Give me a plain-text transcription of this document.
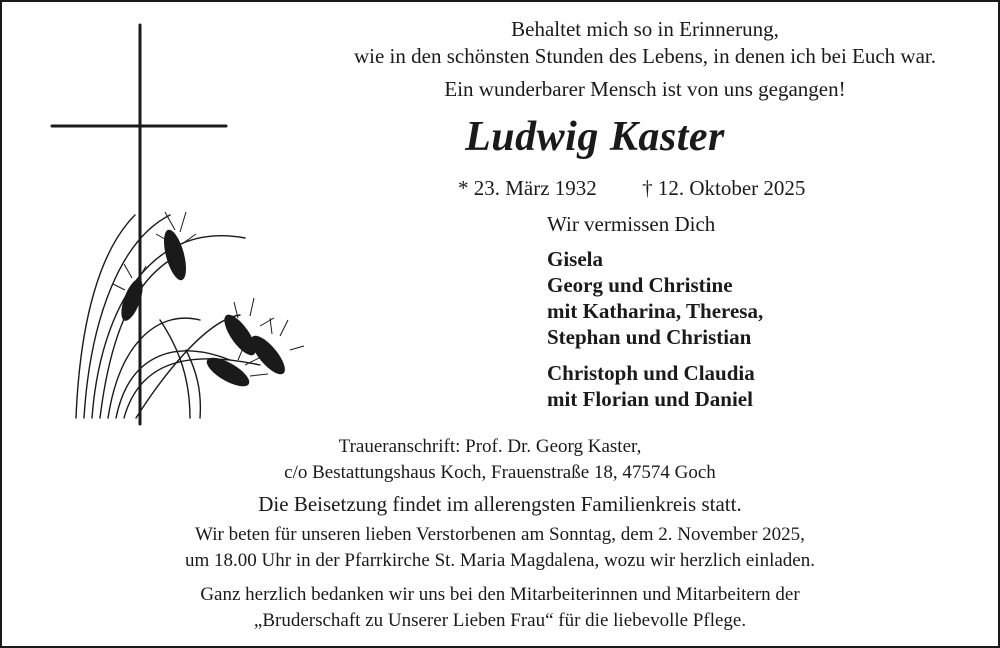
Behaltet mich so in Erinnerung,
wie in den schönsten Stunden des Lebens, in denen ich bei Euch war.
Ein wunderbarer Mensch ist von uns gegangen!
Ludwig Kaster
* 23. März 1932 † 12. Oktober 2025
Wir vermissen Dich
Gisela
Georg und Christine
mit Katharina, Theresa,
Stephan und Christian
Christoph und Claudia
mit Florian und Daniel
Traueranschrift: Prof. Dr. Georg Kaster,
c/o Bestattungshaus Koch, Frauenstraße 18, 47574 Goch
Die Beisetzung findet im allerengsten Familienkreis statt.
Wir beten für unseren lieben Verstorbenen am Sonntag, dem 2. November 2025,
um 18.00 Uhr in der Pfarrkirche St. Maria Magdalena, wozu wir herzlich einladen.
Ganz herzlich bedanken wir uns bei den Mitarbeiterinnen und Mitarbeitern der
„Bruderschaft zu Unserer Lieben Frau“ für die liebevolle Pflege.
